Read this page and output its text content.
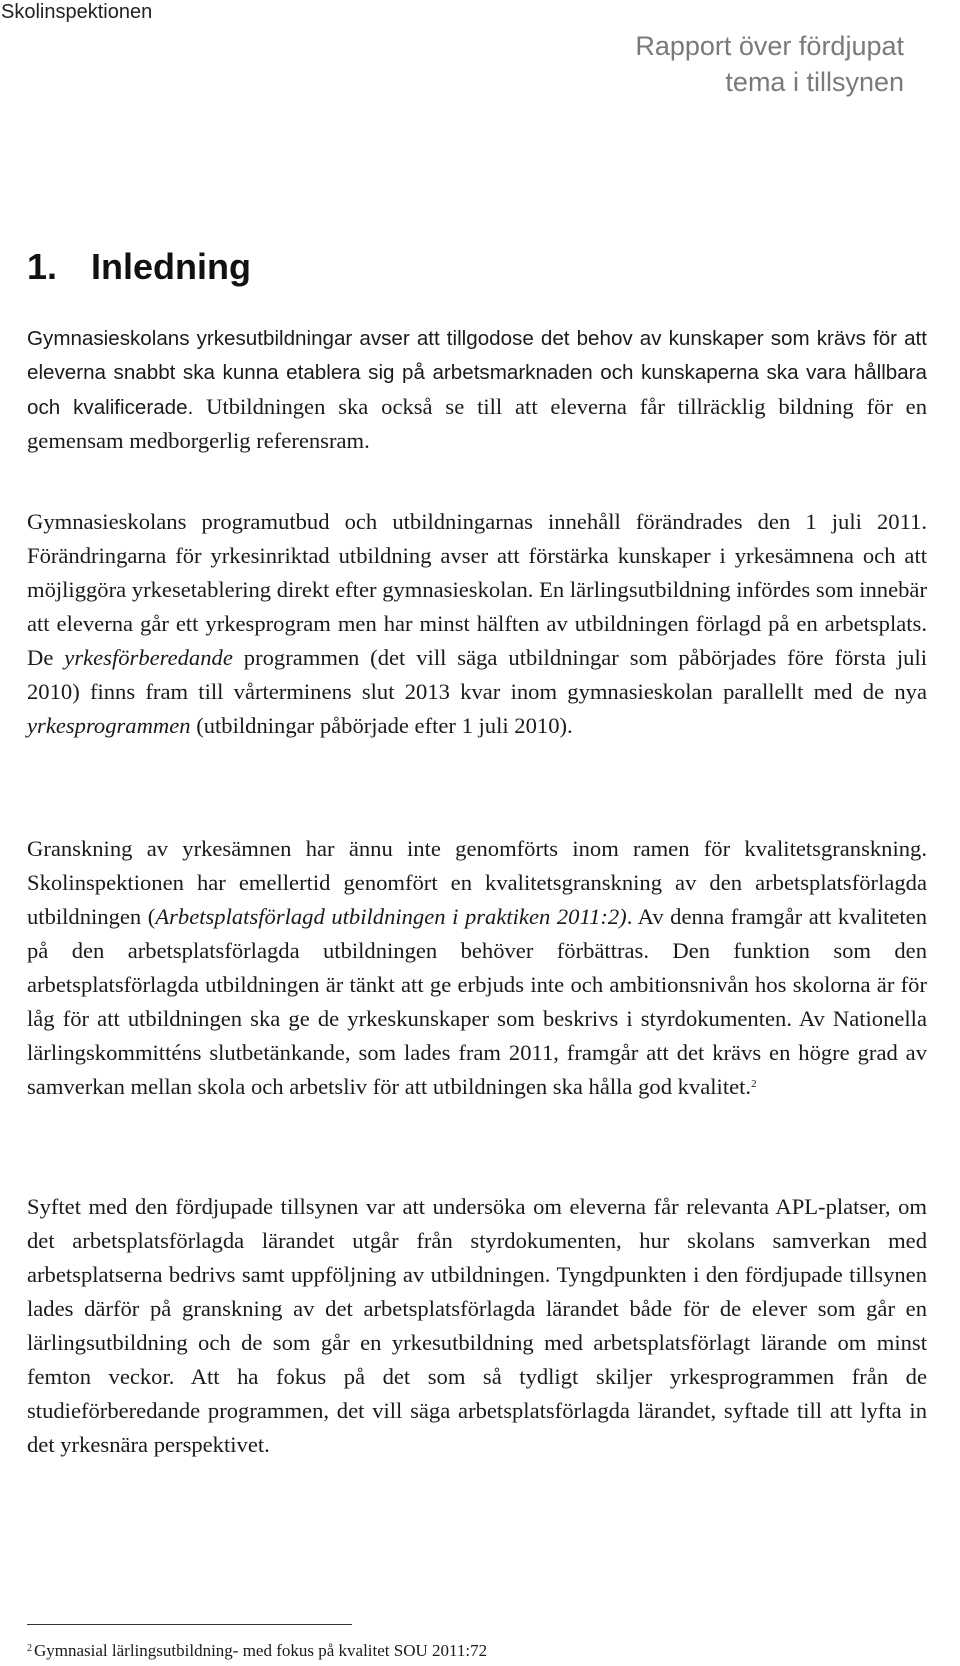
Skolinspektionen
Rapport över fördjupat
tema i tillsynen
1. Inledning

Gymnasieskolans yrkesutbildningar avser att tillgodose det behov av kunskaper som krävs för att eleverna snabbt ska kunna etablera sig på arbetsmarknaden och kunskaperna ska vara hållbara och kvalificerade. Utbildningen ska också se till att eleverna får tillräcklig bildning för en gemensam medborgerlig referensram.

Gymnasieskolans programutbud och utbildningarnas innehåll förändrades den 1 juli 2011. Förändringarna för yrkesinriktad utbildning avser att förstärka kunskaper i yrkesämnena och att möjliggöra yrkesetablering direkt efter gymnasieskolan. En lärlingsutbildning infördes som innebär att eleverna går ett yrkesprogram men har minst hälften av utbildningen förlagd på en arbetsplats. De yrkesförberedande programmen (det vill säga utbildningar som påbörjades före första juli 2010) finns fram till vårterminens slut 2013 kvar inom gymnasieskolan parallellt med de nya yrkesprogrammen (utbildningar påbörjade efter 1 juli 2010).

Granskning av yrkesämnen har ännu inte genomförts inom ramen för kvalitetsgranskning. Skolinspektionen har emellertid genomfört en kvalitetsgranskning av den arbetsplatsförlagda utbildningen (Arbetsplatsförlagd utbildningen i praktiken 2011:2). Av denna framgår att kvaliteten på den arbetsplatsförlagda utbildningen behöver förbättras. Den funktion som den arbetsplatsförlagda utbildningen är tänkt att ge erbjuds inte och ambitionsnivån hos skolorna är för låg för att utbildningen ska ge de yrkeskunskaper som beskrivs i styrdokumenten. Av Nationella lärlingskommitténs slutbetänkande, som lades fram 2011, framgår att det krävs en högre grad av samverkan mellan skola och arbetsliv för att utbildningen ska hålla god kvalitet.$^2$

Syftet med den fördjupade tillsynen var att undersöka om eleverna får relevanta APL-platser, om det arbetsplatsförlagda lärandet utgår från styrdokumenten, hur skolans samverkan med arbetsplatserna bedrivs samt uppföljning av utbildningen. Tyngdpunkten i den fördjupade tillsynen lades därför på granskning av det arbetsplatsförlagda lärandet både för de elever som går en lärlingsutbildning och de som går en yrkesutbildning med arbetsplatsförlagt lärande om minst femton veckor. Att ha fokus på det som så tydligt skiljer yrkesprogrammen från de studieförberedande programmen, det vill säga arbetsplatsförlagda lärandet, syftade till att lyfta in det yrkesnära perspektivet.

$^2$ Gymnasial lärlingsutbildning- med fokus på kvalitet SOU 2011:72
